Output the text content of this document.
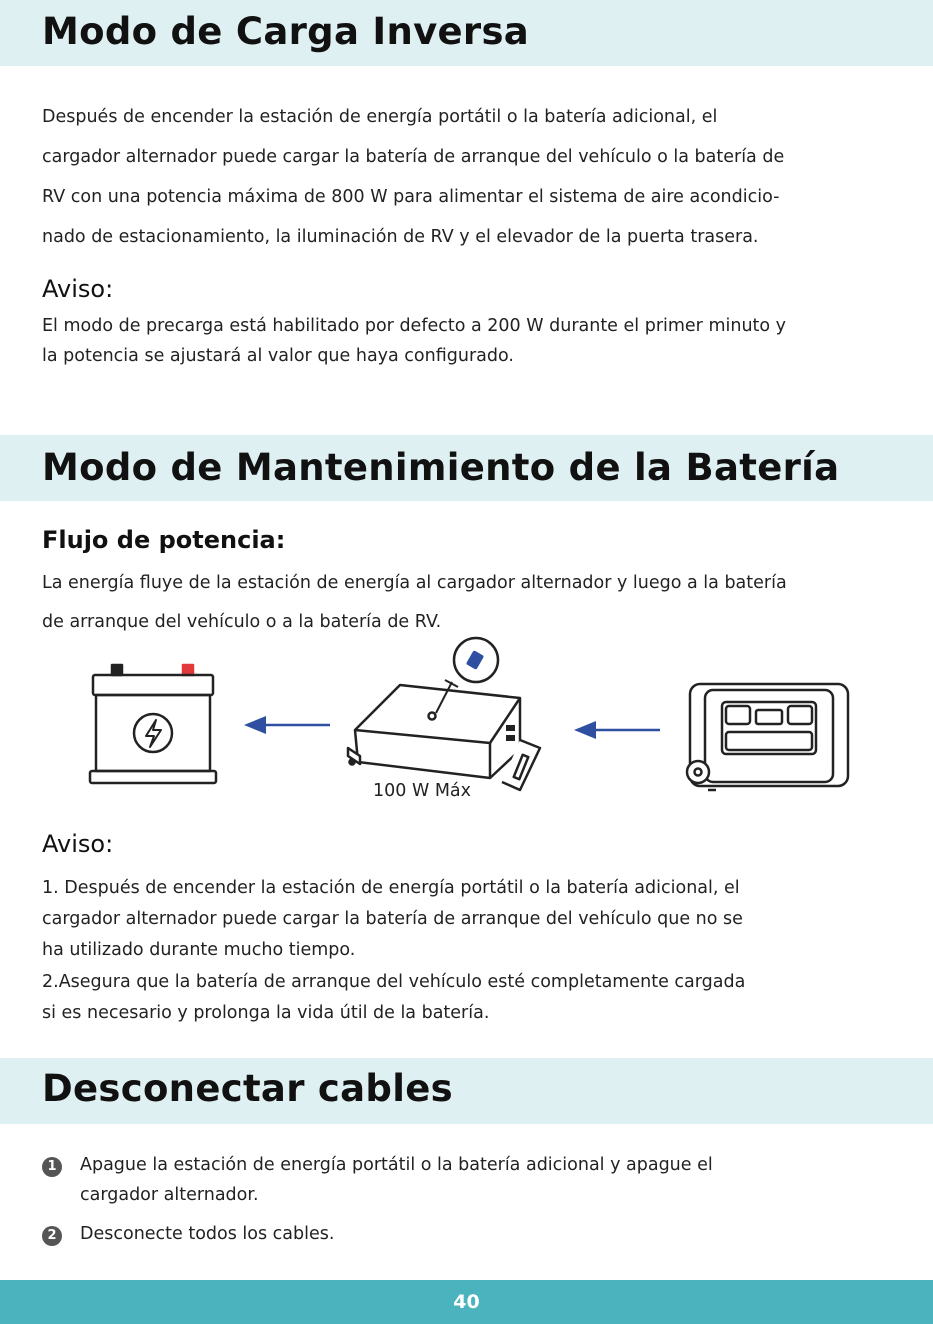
Modo de Carga Inversa

Después de encender la estación de energía portátil o la batería adicional, el

cargador alternador puede cargar la batería de arranque del vehículo o la batería de

RV con una potencia máxima de 800 W para alimentar el sistema de aire acondicio-

nado de estacionamiento, la iluminación de RV y el elevador de la puerta trasera.

Aviso:

El modo de precarga está habilitado por defecto a 200 W durante el primer minuto y

la potencia se ajustará al valor que haya configurado.

Modo de Mantenimiento de la Batería

Flujo de potencia:

La energía fluye de la estación de energía al cargador alternador y luego a la batería

de arranque del vehículo o a la batería de RV.

100 W Máx

Aviso:

1. Después de encender la estación de energía portátil o la batería adicional, el

cargador alternador puede cargar la batería de arranque del vehículo que no se

ha utilizado durante mucho tiempo.

2.Asegura que la batería de arranque del vehículo esté completamente cargada

si es necesario y prolonga la vida útil de la batería.

Desconectar cables
1	Apague la estación de energía portátil o la batería adicional y apague el

cargador alternador.

2	Desconecte todos los cables.

40
